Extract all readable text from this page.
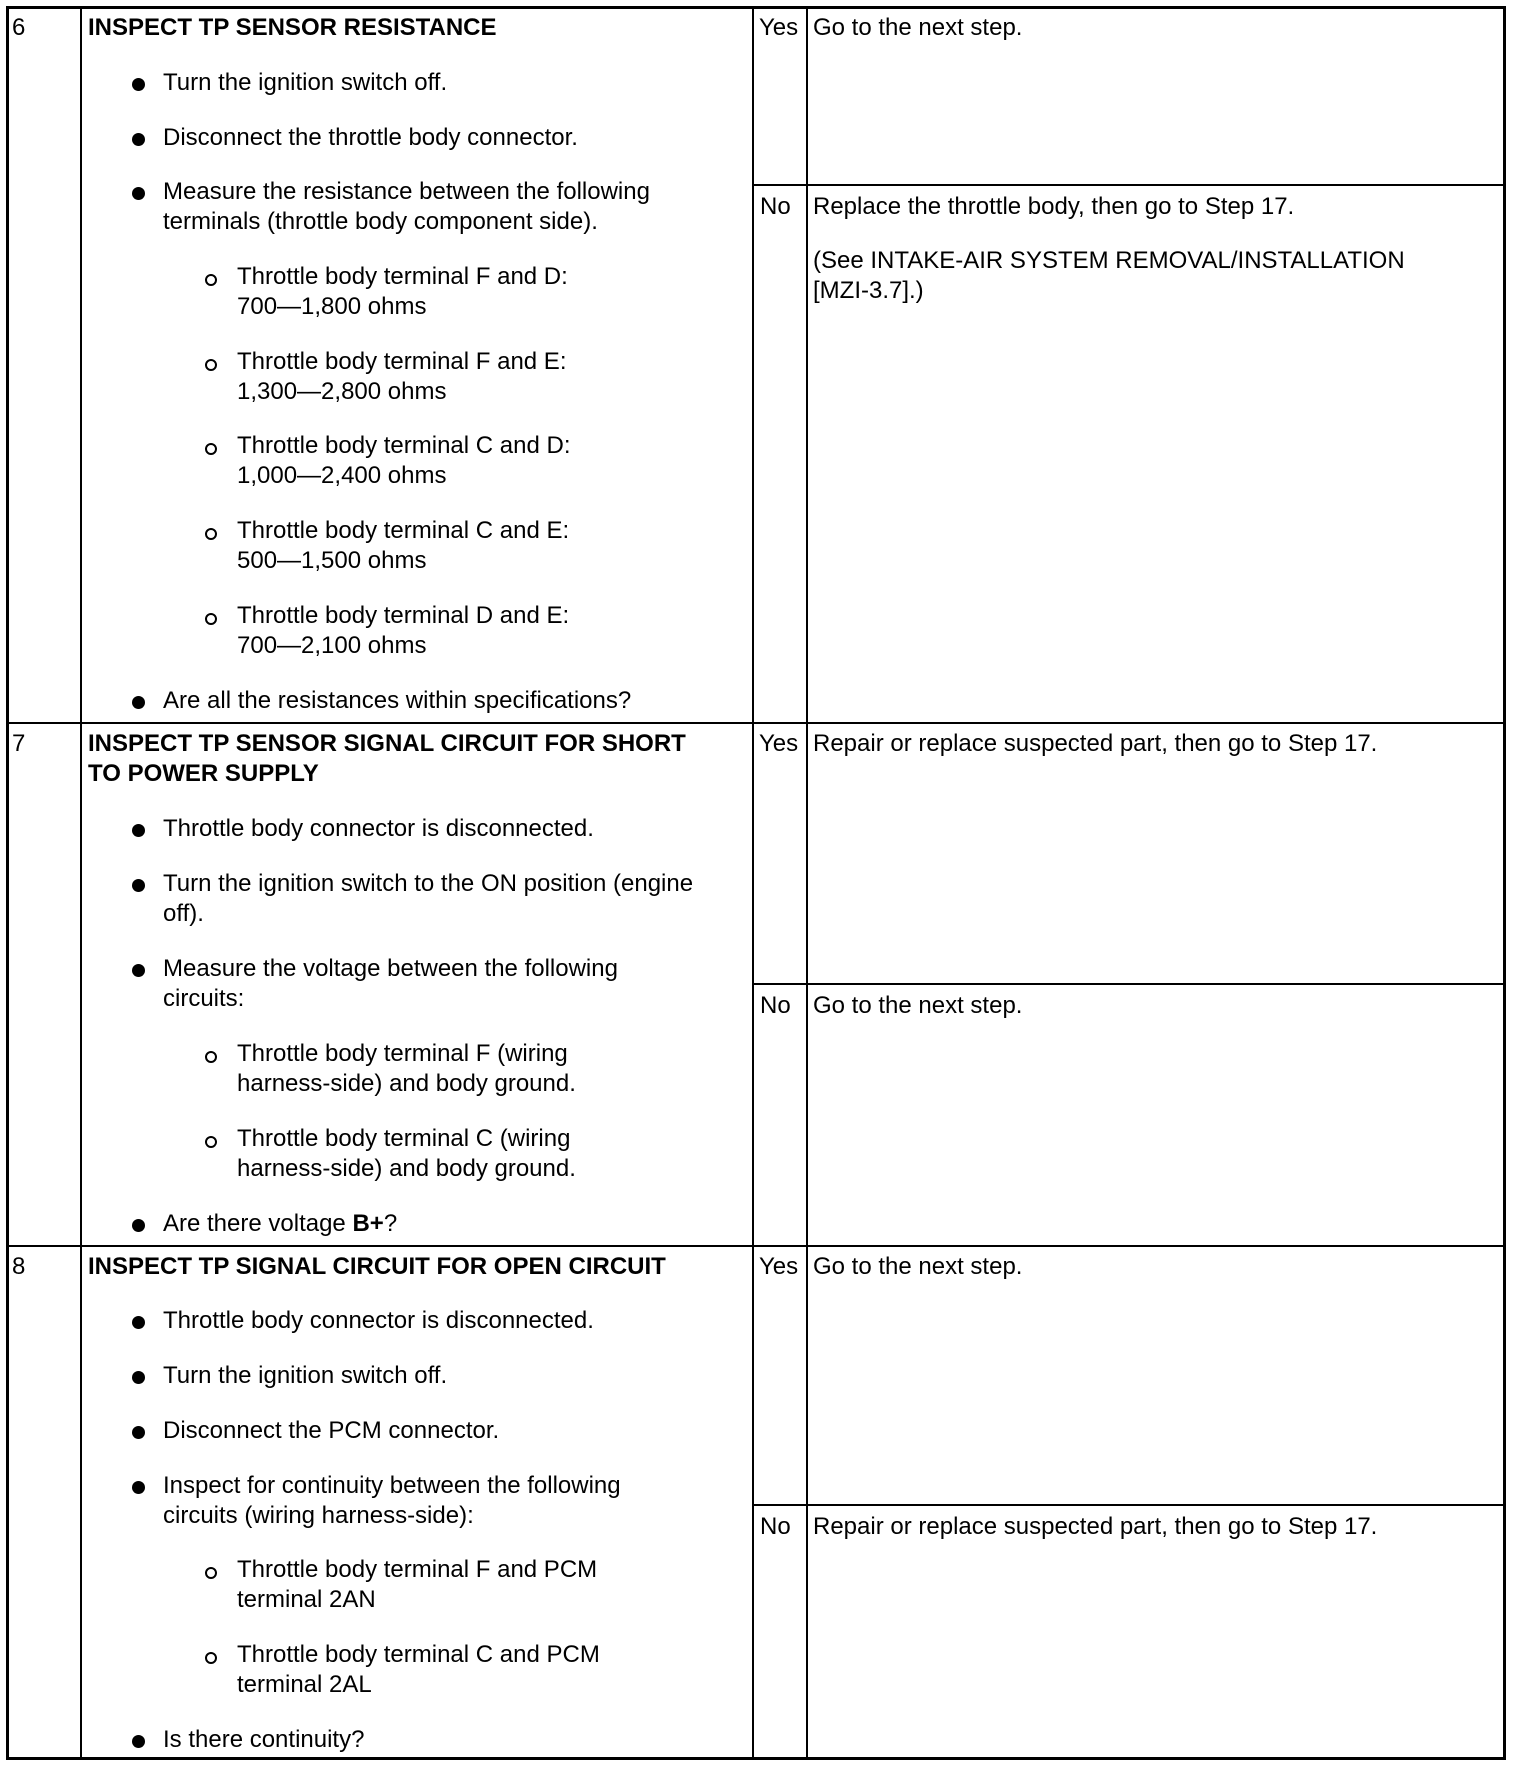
6	INSPECT TP SENSOR RESISTANCE
Turn the ignition switch off.
Disconnect the throttle body connector.
Measure the resistance between the following
terminals (throttle body component side).
Throttle body terminal F and D:
700—1,800 ohms
Throttle body terminal F and E:
1,300—2,800 ohms
Throttle body terminal C and D:
1,000—2,400 ohms
Throttle body terminal C and E:
500—1,500 ohms
Throttle body terminal D and E:
700—2,100 ohms
Are all the resistances within specifications?
Yes Go to the next step.
No Replace the throttle body, then go to Step 17.
(See INTAKE-AIR SYSTEM REMOVAL/INSTALLATION
[MZI-3.7].)
7	INSPECT TP SENSOR SIGNAL CIRCUIT FOR SHORT
TO POWER SUPPLY
Throttle body connector is disconnected.
Turn the ignition switch to the ON position (engine
off).
Measure the voltage between the following
circuits:
Throttle body terminal F (wiring
harness-side) and body ground.
Throttle body terminal C (wiring
harness-side) and body ground.
Are there voltage B+?
Yes Repair or replace suspected part, then go to Step 17.
No Go to the next step.
8	INSPECT TP SIGNAL CIRCUIT FOR OPEN CIRCUIT
Throttle body connector is disconnected.
Turn the ignition switch off.
Disconnect the PCM connector.
Inspect for continuity between the following
circuits (wiring harness-side):
Throttle body terminal F and PCM
terminal 2AN
Throttle body terminal C and PCM
terminal 2AL
Is there continuity?
Yes Go to the next step.
No Repair or replace suspected part, then go to Step 17.
